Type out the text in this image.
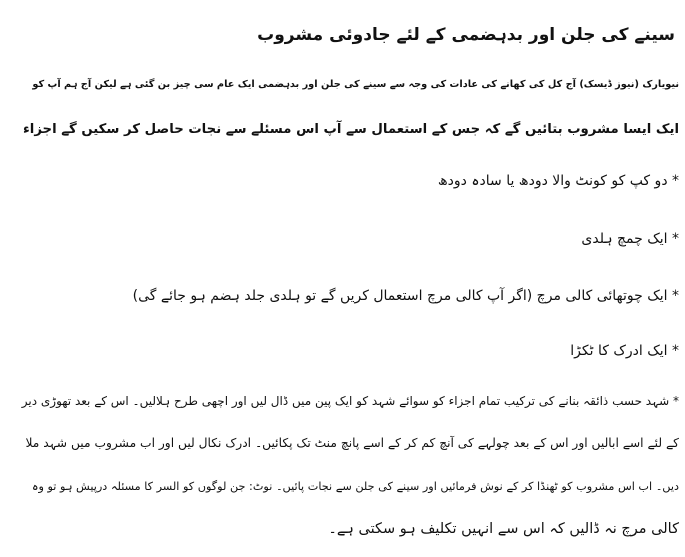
سینے کی جلن اور بدہضمی کے لئے جادوئی مشروب
نیویارک (نیوز ڈیسک) آج کل کی کھانے کی عادات کی وجہ سے سینے کی جلن اور بدہضمی ایک عام سی چیز بن گئی ہے لیکن آج ہم آپ کو
ایک ایسا مشروب بتائیں گے کہ جس کے استعمال سے آپ اس مسئلے سے نجات حاصل کر سکیں گے اجزاء
* دو کپ کو کونٹ والا دودھ یا سادہ دودھ
* ایک چمچ ہلدی
* ایک چوتھائی کالی مرچ (اگر آپ کالی مرچ استعمال کریں گے تو ہلدی جلد ہضم ہو جائے گی)
* ایک ادرک کا ٹکڑا
* شہد حسب ذائقہ بنانے کی ترکیب تمام اجزاء کو سوائے شہد کو ایک پین میں ڈال لیں اور اچھی طرح ہلالیں۔ اس کے بعد تھوڑی دیر
کے لئے اسے ابالیں اور اس کے بعد چولہے کی آنچ کم کر کے اسے پانچ منٹ تک پکائیں۔ ادرک نکال لیں اور اب مشروب میں شہد ملا
دیں۔ اب اس مشروب کو ٹھنڈا کر کے نوش فرمائیں اور سینے کی جلن سے نجات پائیں۔ نوٹ: جن لوگوں کو السر کا مسئلہ درپیش ہو تو وہ
کالی مرچ نہ ڈالیں کہ اس سے انہیں تکلیف ہو سکتی ہے۔
